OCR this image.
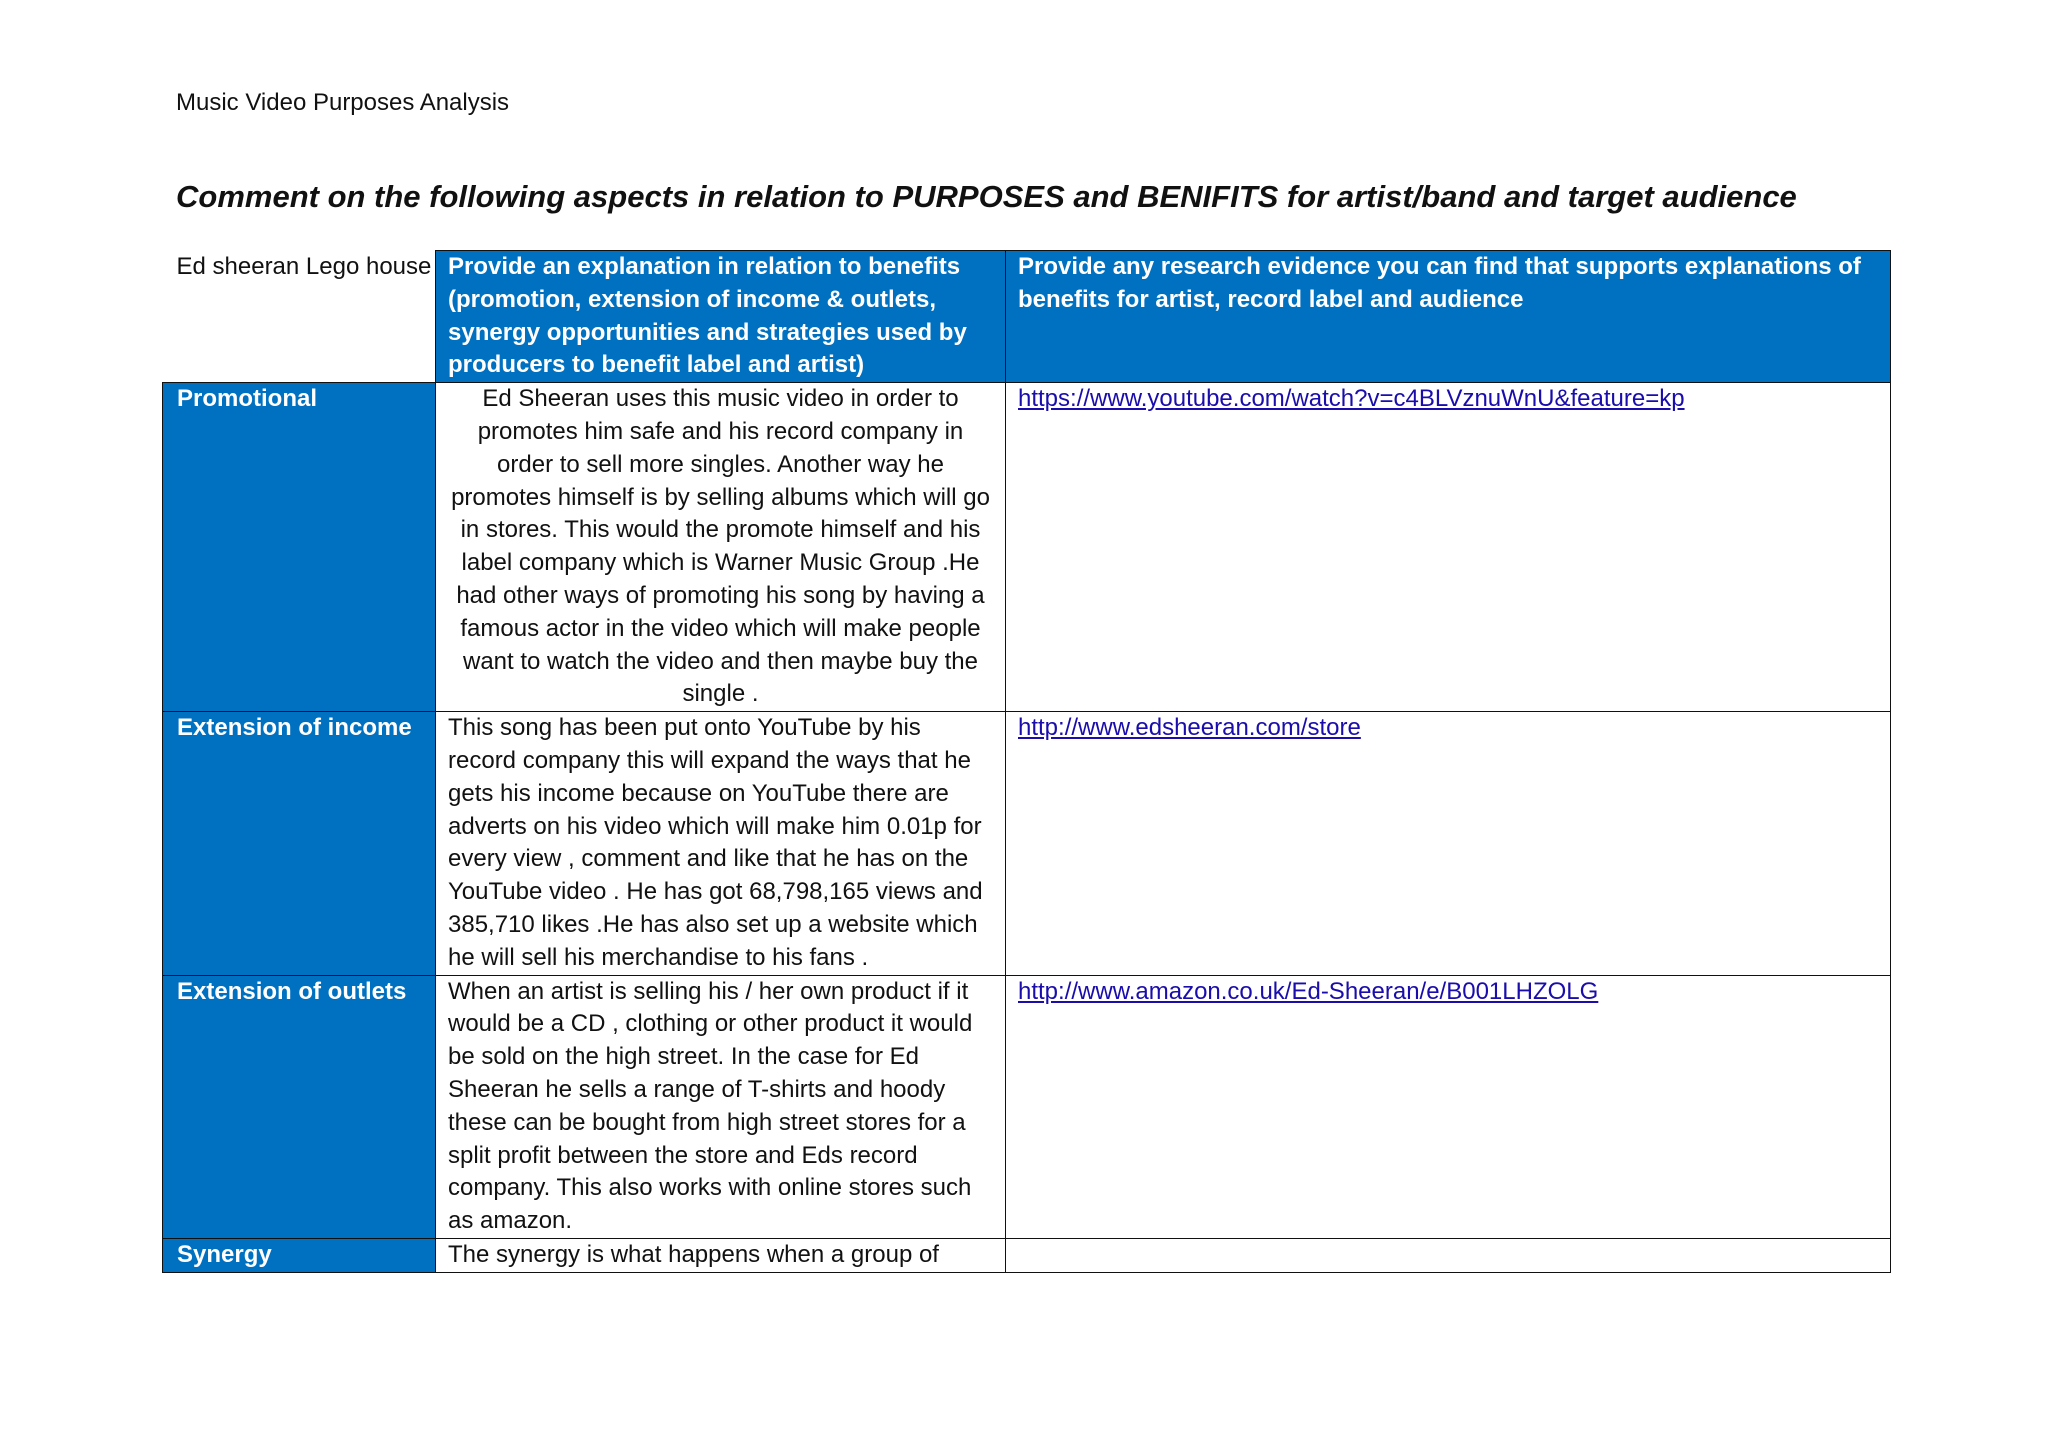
Music Video Purposes Analysis
Comment on the following aspects in relation to PURPOSES and BENIFITS for artist/band and target audience
Ed sheeran Lego house	Provide an explanation in relation to benefits (promotion, extension of income & outlets, synergy opportunities and strategies used by producers to benefit label and artist)	Provide any research evidence you can find that supports explanations of benefits for artist, record label and audience
Promotional	Ed Sheeran uses this music video in order to promotes him safe and his record company in order to sell more singles. Another way he promotes himself is by selling albums which will go in stores. This would the promote himself and his label company which is Warner Music Group .He had other ways of promoting his song by having a famous actor in the video which will make people want to watch the video and then maybe buy the single .	https://www.youtube.com/watch?v=c4BLVznuWnU&feature=kp
Extension of income	This song has been put onto YouTube by his record company this will expand the ways that he gets his income because on YouTube there are adverts on his video which will make him 0.01p for every view , comment and like that he has on the YouTube video . He has got 68,798,165 views and 385,710 likes .He has also set up a website which he will sell his merchandise to his fans .	http://www.edsheeran.com/store
Extension of outlets	When an artist is selling his / her own product if it would be a CD , clothing or other product it would be sold on the high street. In the case for Ed Sheeran he sells a range of T-shirts and hoody these can be bought from high street stores for a split profit between the store and Eds record company. This also works with online stores such as amazon.	http://www.amazon.co.uk/Ed-Sheeran/e/B001LHZOLG
Synergy	The synergy is what happens when a group of	
